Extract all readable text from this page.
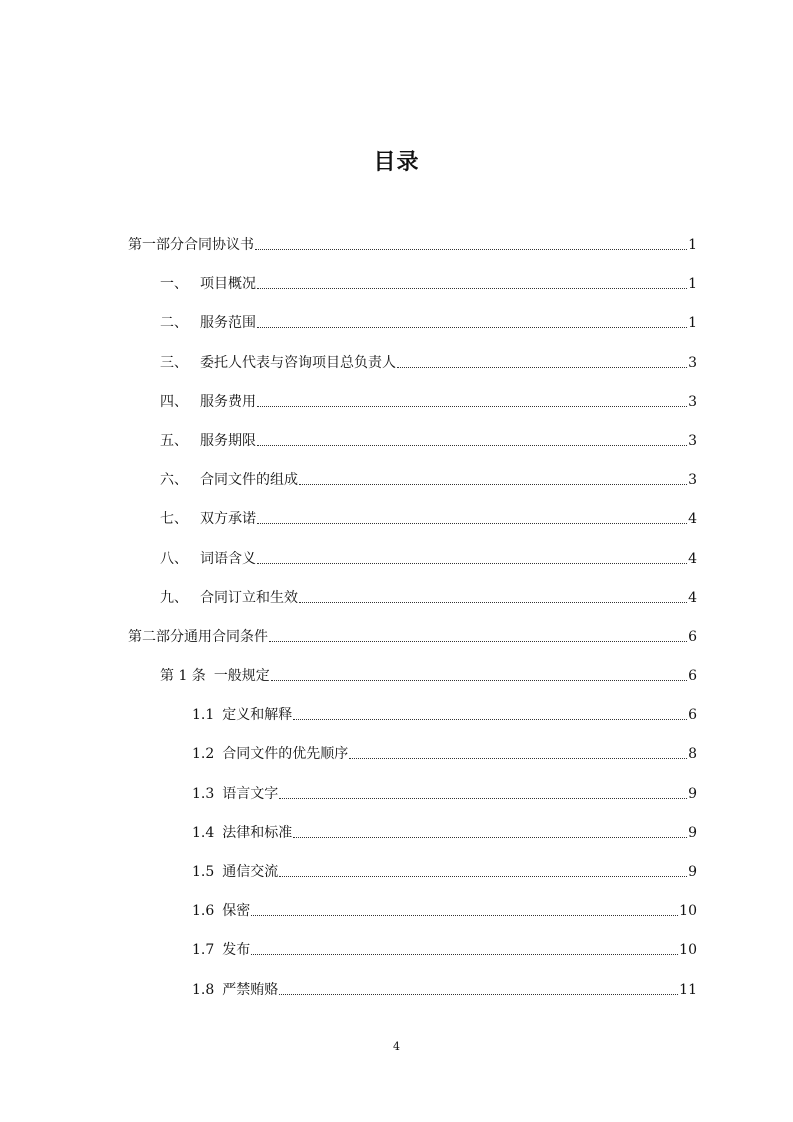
目录
第一部分合同协议书	1
一、 项目概况	1
二、 服务范围	1
三、 委托人代表与咨询项目总负责人	3
四、 服务费用	3
五、 服务期限	3
六、 合同文件的组成	3
七、 双方承诺	4
八、 词语含义	4
九、 合同订立和生效	4
第二部分通用合同条件	6
第 1 条 一般规定	6
1.1 定义和解释	6
1.2 合同文件的优先顺序	8
1.3 语言文字	9
1.4 法律和标准	9
1.5 通信交流	9
1.6 保密	10
1.7 发布	10
1.8 严禁贿赂	11
4
